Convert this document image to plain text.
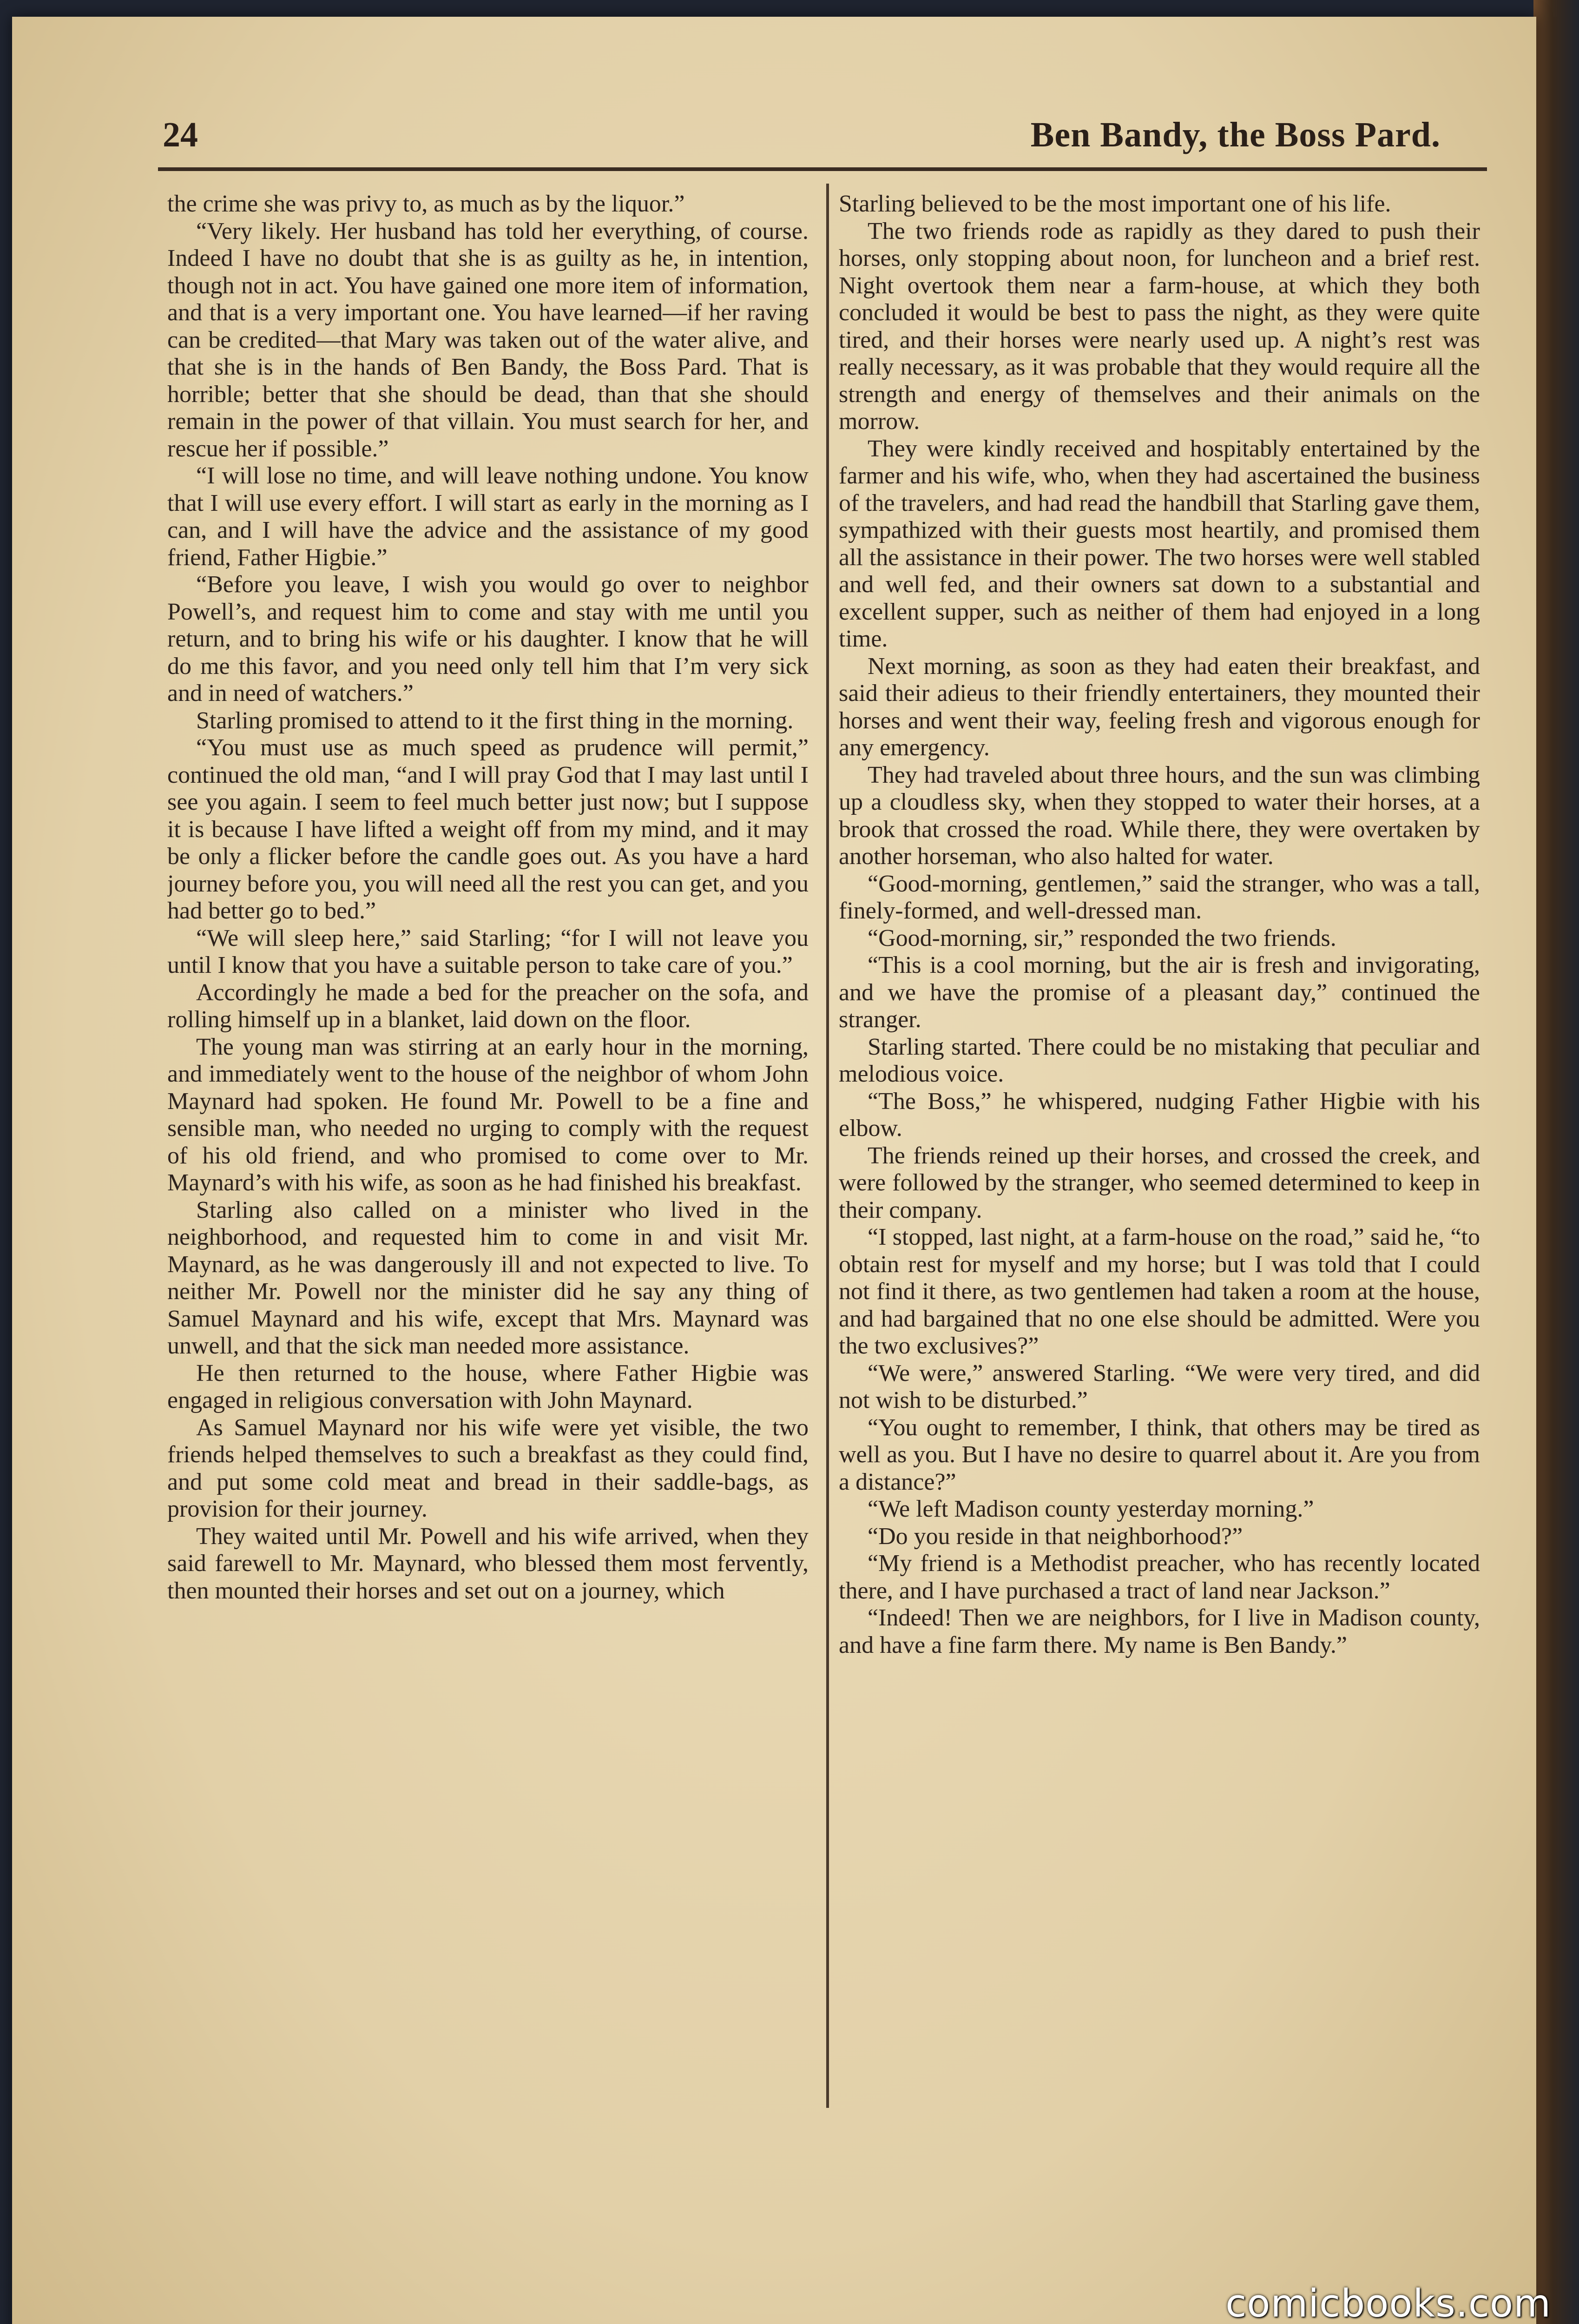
24	Ben Bandy, the Boss Pard.

the crime she was privy to, as much as by the liquor.”

“Very likely. Her husband has told her everything, of course. Indeed I have no doubt that she is as guilty as he, in intention, though not in act. You have gained one more item of information, and that is a very important one. You have learned—if her raving can be credited—that Mary was taken out of the water alive, and that she is in the hands of Ben Bandy, the Boss Pard. That is horrible; better that she should be dead, than that she should remain in the power of that villain. You must search for her, and rescue her if possible.”

“I will lose no time, and will leave nothing undone. You know that I will use every effort. I will start as early in the morning as I can, and I will have the advice and the assistance of my good friend, Father Higbie.”

“Before you leave, I wish you would go over to neighbor Powell’s, and request him to come and stay with me until you return, and to bring his wife or his daughter. I know that he will do me this favor, and you need only tell him that I’m very sick and in need of watchers.”

Starling promised to attend to it the first thing in the morning.

“You must use as much speed as prudence will permit,” continued the old man, “and I will pray God that I may last until I see you again. I seem to feel much better just now; but I suppose it is because I have lifted a weight off from my mind, and it may be only a flicker before the candle goes out. As you have a hard journey before you, you will need all the rest you can get, and you had better go to bed.”

“We will sleep here,” said Starling; “for I will not leave you until I know that you have a suitable person to take care of you.”

Accordingly he made a bed for the preacher on the sofa, and rolling himself up in a blanket, laid down on the floor.

The young man was stirring at an early hour in the morning, and immediately went to the house of the neighbor of whom John Maynard had spoken. He found Mr. Powell to be a fine and sensible man, who needed no urging to comply with the request of his old friend, and who promised to come over to Mr. Maynard’s with his wife, as soon as he had finished his breakfast.

Starling also called on a minister who lived in the neighborhood, and requested him to come in and visit Mr. Maynard, as he was dangerously ill and not expected to live. To neither Mr. Powell nor the minister did he say any thing of Samuel Maynard and his wife, except that Mrs. Maynard was unwell, and that the sick man needed more assistance.

He then returned to the house, where Father Higbie was engaged in religious conversation with John Maynard.

As Samuel Maynard nor his wife were yet visible, the two friends helped themselves to such a breakfast as they could find, and put some cold meat and bread in their saddle-bags, as provision for their journey.

They waited until Mr. Powell and his wife arrived, when they said farewell to Mr. Maynard, who blessed them most fervently, then mounted their horses and set out on a journey, which

Starling believed to be the most important one of his life.

The two friends rode as rapidly as they dared to push their horses, only stopping about noon, for luncheon and a brief rest. Night overtook them near a farm-house, at which they both concluded it would be best to pass the night, as they were quite tired, and their horses were nearly used up. A night’s rest was really necessary, as it was probable that they would require all the strength and energy of themselves and their animals on the morrow.

They were kindly received and hospitably entertained by the farmer and his wife, who, when they had ascertained the business of the travelers, and had read the handbill that Starling gave them, sympathized with their guests most heartily, and promised them all the assistance in their power. The two horses were well stabled and well fed, and their owners sat down to a substantial and excellent supper, such as neither of them had enjoyed in a long time.

Next morning, as soon as they had eaten their breakfast, and said their adieus to their friendly entertainers, they mounted their horses and went their way, feeling fresh and vigorous enough for any emergency.

They had traveled about three hours, and the sun was climbing up a cloudless sky, when they stopped to water their horses, at a brook that crossed the road. While there, they were overtaken by another horseman, who also halted for water.

“Good-morning, gentlemen,” said the stranger, who was a tall, finely-formed, and well-dressed man.

“Good-morning, sir,” responded the two friends.

“This is a cool morning, but the air is fresh and invigorating, and we have the promise of a pleasant day,” continued the stranger.

Starling started. There could be no mistaking that peculiar and melodious voice.

“The Boss,” he whispered, nudging Father Higbie with his elbow.

The friends reined up their horses, and crossed the creek, and were followed by the stranger, who seemed determined to keep in their company.

“I stopped, last night, at a farm-house on the road,” said he, “to obtain rest for myself and my horse; but I was told that I could not find it there, as two gentlemen had taken a room at the house, and had bargained that no one else should be admitted. Were you the two exclusives?”

“We were,” answered Starling. “We were very tired, and did not wish to be disturbed.”

“You ought to remember, I think, that others may be tired as well as you. But I have no desire to quarrel about it. Are you from a distance?”

“We left Madison county yesterday morning.”

“Do you reside in that neighborhood?”

“My friend is a Methodist preacher, who has recently located there, and I have purchased a tract of land near Jackson.”

“Indeed! Then we are neighbors, for I live in Madison county, and have a fine farm there. My name is Ben Bandy.”

comicbooks.com
